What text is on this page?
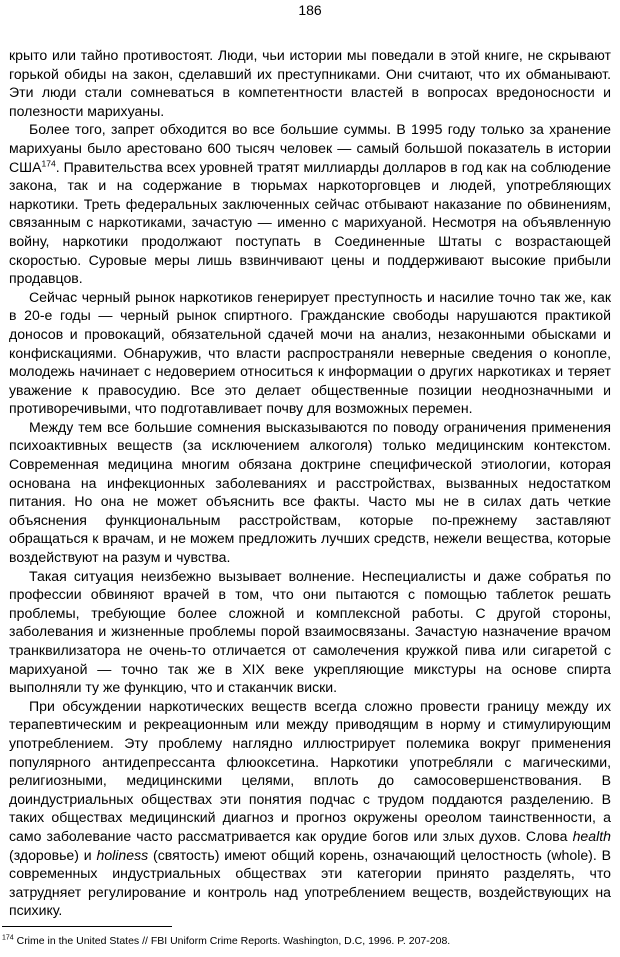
186

крыто или тайно противостоят. Люди, чьи истории мы поведали в этой книге, не скрывают горькой обиды на закон, сделавший их преступниками. Они считают, что их обманывают. Эти люди стали сомневаться в компетентности властей в вопросах вредоносности и полезности марихуаны.

Более того, запрет обходится во все большие суммы. В 1995 году только за хранение марихуаны было арестовано 600 тысяч человек — самый большой показатель в истории США$^{174}$. Правительства всех уровней тратят миллиарды долларов в год как на соблюдение закона, так и на содержание в тюрьмах наркоторговцев и людей, употребляющих наркотики. Треть федеральных заключенных сейчас отбывают наказание по обвинениям, связанным с наркотиками, зачастую — именно с марихуаной. Несмотря на объявленную войну, наркотики продолжают поступать в Соединенные Штаты с возрастающей скоростью. Суровые меры лишь взвинчивают цены и поддерживают высокие прибыли продавцов.

Сейчас черный рынок наркотиков генерирует преступность и насилие точно так же, как в 20-е годы — черный рынок спиртного. Гражданские свободы нарушаются практикой доносов и провокаций, обязательной сдачей мочи на анализ, незаконными обысками и конфискациями. Обнаружив, что власти распространяли неверные сведения о конопле, молодежь начинает с недоверием относиться к информации о других наркотиках и теряет уважение к правосудию. Все это делает общественные позиции неоднозначными и противоречивыми, что подготавливает почву для возможных перемен.

Между тем все большие сомнения высказываются по поводу ограничения применения психоактивных веществ (за исключением алкоголя) только медицинским контекстом. Современная медицина многим обязана доктрине специфической этиологии, которая основана на инфекционных заболеваниях и расстройствах, вызванных недостатком питания. Но она не может объяснить все факты. Часто мы не в силах дать четкие объяснения функциональным расстройствам, которые по-прежнему заставляют обращаться к врачам, и не можем предложить лучших средств, нежели вещества, которые воздействуют на разум и чувства.

Такая ситуация неизбежно вызывает волнение. Неспециалисты и даже собратья по профессии обвиняют врачей в том, что они пытаются с помощью таблеток решать проблемы, требующие более сложной и комплексной работы. С другой стороны, заболевания и жизненные проблемы порой взаимосвязаны. Зачастую назначение врачом транквилизатора не очень-то отличается от самолечения кружкой пива или сигаретой с марихуаной — точно так же в XIX веке укрепляющие микстуры на основе спирта выполняли ту же функцию, что и стаканчик виски.

При обсуждении наркотических веществ всегда сложно провести границу между их терапевтическим и рекреационным или между приводящим в норму и стимулирующим употреблением. Эту проблему наглядно иллюстрирует полемика вокруг применения популярного антидепрессанта флюоксетина. Наркотики употребляли с магическими, религиозными, медицинскими целями, вплоть до самосовершенствования. В доиндустриальных обществах эти понятия подчас с трудом поддаются разделению. В таких обществах медицинский диагноз и прогноз окружены ореолом таинственности, а само заболевание часто рассматривается как орудие богов или злых духов. Слова health (здоровье) и holiness (святость) имеют общий корень, означающий целостность (whole). В современных индустриальных обществах эти категории принято разделять, что затрудняет регулирование и контроль над употреблением веществ, воздействующих на психику.

$^{174}$ Crime in the United States // FBI Uniform Crime Reports. Washington, D.C, 1996. P. 207-208.
